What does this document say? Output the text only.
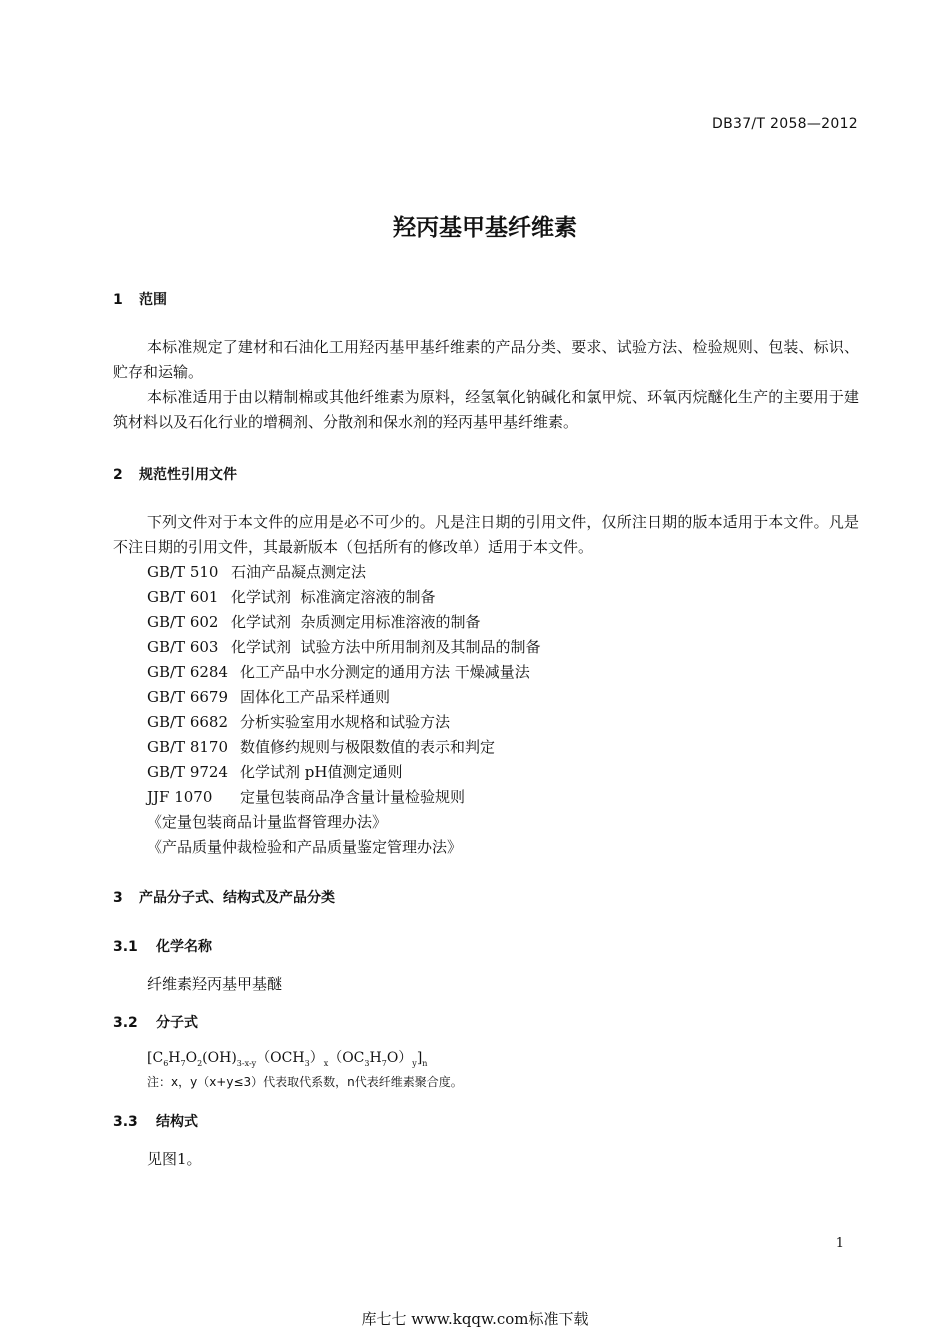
DB37/T 2058—2012
羟丙基甲基纤维素
1 范围
本标准规定了建材和石油化工用羟丙基甲基纤维素的产品分类、要求、试验方法、检验规则、包装、标识、贮存和运输。
本标准适用于由以精制棉或其他纤维素为原料，经氢氧化钠碱化和氯甲烷、环氧丙烷醚化生产的主要用于建筑材料以及石化行业的增稠剂、分散剂和保水剂的羟丙基甲基纤维素。
2 规范性引用文件
下列文件对于本文件的应用是必不可少的。凡是注日期的引用文件，仅所注日期的版本适用于本文件。凡是不注日期的引用文件，其最新版本（包括所有的修改单）适用于本文件。
GB/T 510 石油产品凝点测定法
GB/T 601 化学试剂  标准滴定溶液的制备
GB/T 602 化学试剂  杂质测定用标准溶液的制备
GB/T 603 化学试剂  试验方法中所用制剂及其制品的制备
GB/T 6284 化工产品中水分测定的通用方法 干燥减量法
GB/T 6679 固体化工产品采样通则
GB/T 6682 分析实验室用水规格和试验方法
GB/T 8170 数值修约规则与极限数值的表示和判定
GB/T 9724 化学试剂 pH值测定通则
JJF 1070 定量包装商品净含量计量检验规则
《定量包装商品计量监督管理办法》
《产品质量仲裁检验和产品质量鉴定管理办法》
3 产品分子式、结构式及产品分类
3.1 化学名称
纤维素羟丙基甲基醚
3.2 分子式
$[C_6H_7O_2(OH)_{3-x-y}(OCH_3)_x(OC_3H_7O)_y]_n$
注：x，y（x+y≤3）代表取代系数，n代表纤维素聚合度。
3.3 结构式
见图1。
1
库七七 www.kqqw.com标准下载
